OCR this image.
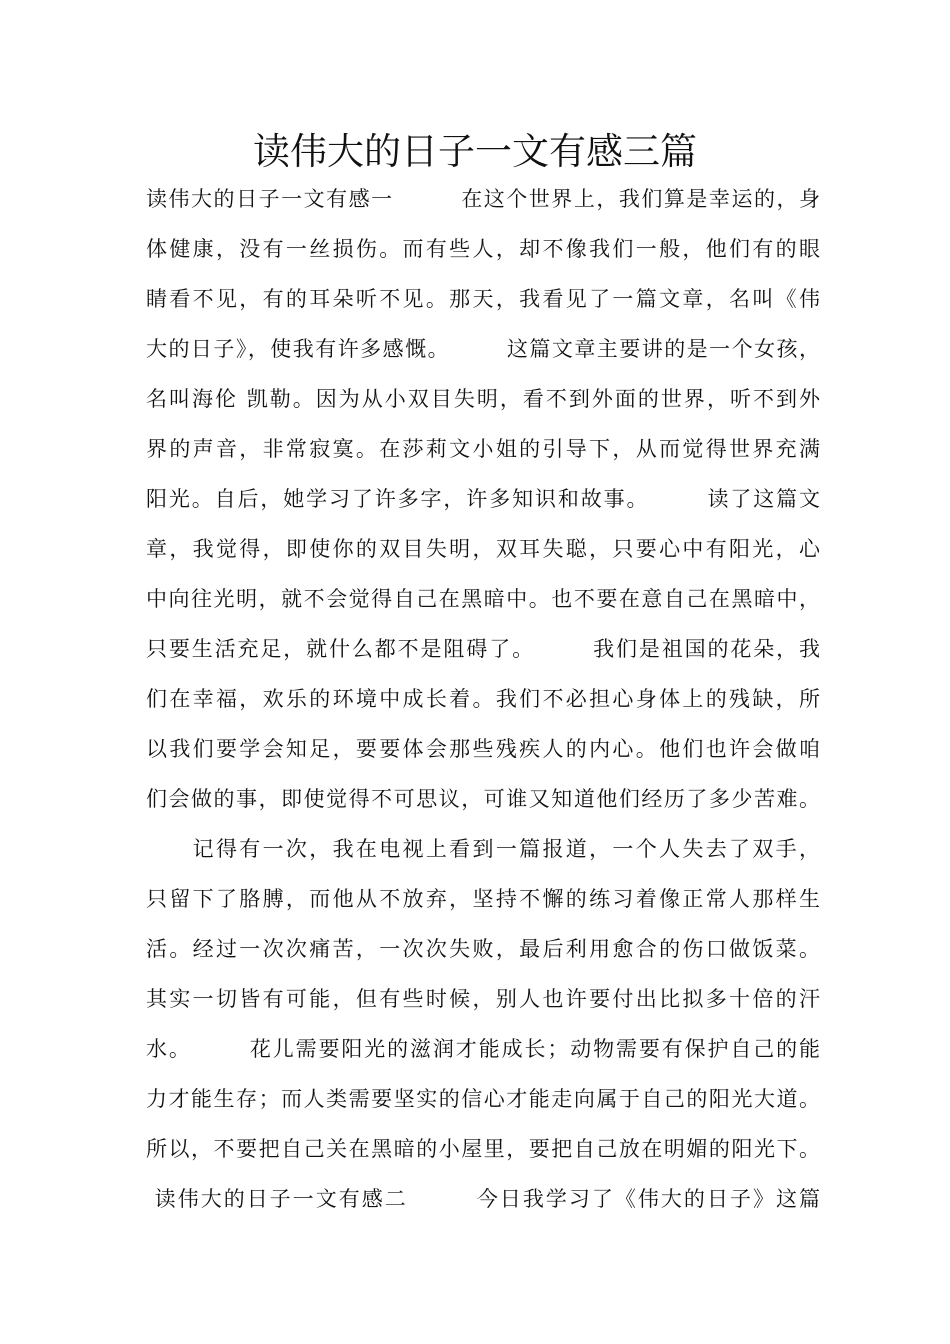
读伟大的日子一文有感三篇
读伟大的日子一文有感一　　　在这个世界上，我们算是幸运的，身
体健康，没有一丝损伤。而有些人，却不像我们一般，他们有的眼
睛看不见，有的耳朵听不见。那天，我看见了一篇文章，名叫《伟
大的日子》，使我有许多感慨。　　　这篇文章主要讲的是一个女孩，
名叫海伦 凯勒。因为从小双目失明，看不到外面的世界，听不到外
界的声音，非常寂寞。在莎莉文小姐的引导下，从而觉得世界充满
阳光。自后，她学习了许多字，许多知识和故事。　　　读了这篇文
章，我觉得，即使你的双目失明，双耳失聪，只要心中有阳光，心
中向往光明，就不会觉得自己在黑暗中。也不要在意自己在黑暗中，
只要生活充足，就什么都不是阻碍了。　　　我们是祖国的花朵，我
们在幸福，欢乐的环境中成长着。我们不必担心身体上的残缺，所
以我们要学会知足，要要体会那些残疾人的内心。他们也许会做咱
们会做的事，即使觉得不可思议，可谁又知道他们经历了多少苦难。
　　记得有一次，我在电视上看到一篇报道，一个人失去了双手，
只留下了胳膊，而他从不放弃，坚持不懈的练习着像正常人那样生
活。经过一次次痛苦，一次次失败，最后利用愈合的伤口做饭菜。
其实一切皆有可能，但有些时候，别人也许要付出比拟多十倍的汗
水。　　　花儿需要阳光的滋润才能成长；动物需要有保护自己的能
力才能生存；而人类需要坚实的信心才能走向属于自己的阳光大道。
所以，不要把自己关在黑暗的小屋里，要把自己放在明媚的阳光下。
读伟大的日子一文有感二　　　今日我学习了《伟大的日子》这篇
